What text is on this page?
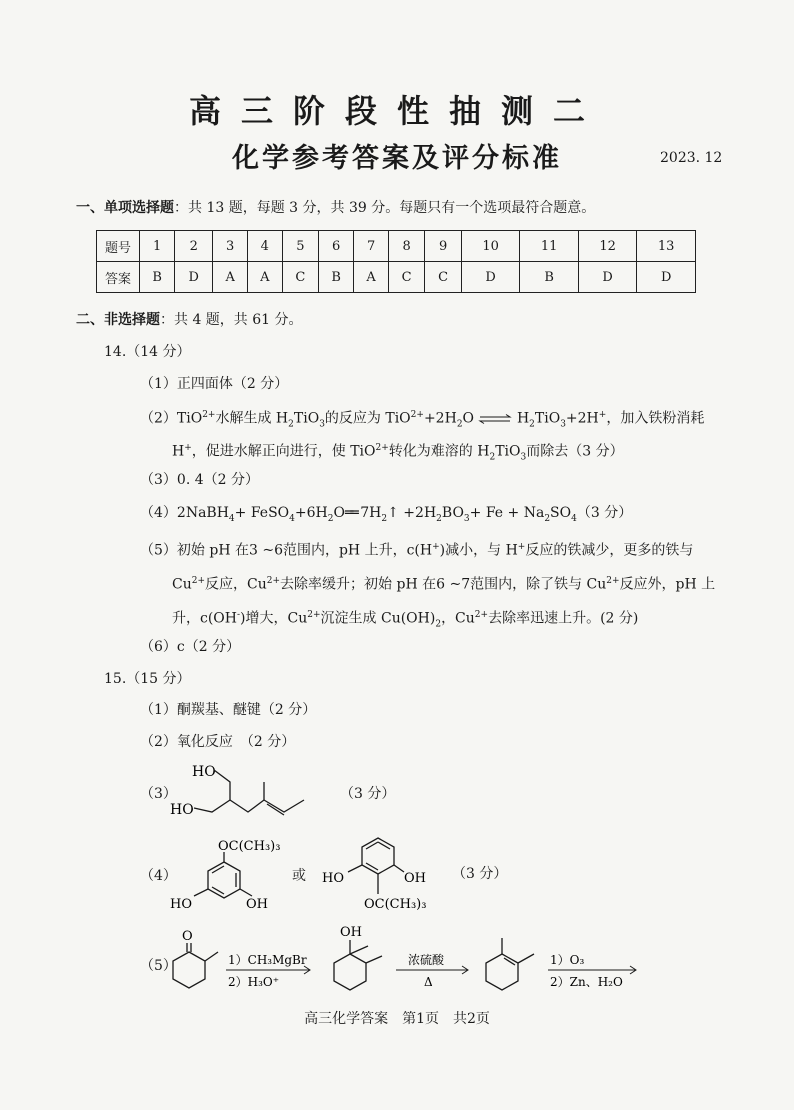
高三阶段性抽测二
化学参考答案及评分标准	2023. 12
一、单项选择题：共 13 题，每题 3 分，共 39 分。每题只有一个选项最符合题意。
题号	1	2	3	4	5	6	7	8	9	10	11	12	13
答案	B	D	A	A	C	B	A	C	C	D	B	D	D
二、非选择题：共 4 题，共 61 分。
14.（14 分）
（1）正四面体（2 分）
（2）TiO$^{2+}$水解生成 $H_2TiO_3$的反应为 $TiO^{2+}+2H_2O$ ⇌ $H_2TiO_3+2H^+$，加入铁粉消耗
H+，促进水解正向进行，使 TiO$^{2+}$转化为难溶的 $H_2TiO_3$而除去（3 分）
（3）0. 4（2 分）
（4）2NaBH$_4$+ $FeSO_4+6H_2O══$ $7H_2↑ +2H_2BO_3+ Fe + Na_2SO_4(3$ 分）
（5）初始 pH 在3 ~6范围内，pH 上升，c(H+)减小，与 H+反应的铁减少，更多的铁与
$Cu^{2+}$反应，$Cu^{2+}$去除率缓升；初始 pH 在6 ~7范围内，除了铁与 $Cu^{2+}$反应外，pH 上
升，c(OH-)增大，$Cu^{2+}$沉淀生成 $Cu(OH)_2$，$Cu^{2+}$去除率迅速上升。(2 分)
（6）c（2 分）
15.（15 分）
（1）酮羰基、醚键（2 分）
（2）氧化反应　（2 分）
（3）
HO
HO
（3 分）
（4）
OC(CH₃)₃
HO	OH
或 HO	OH
OC(CH₃)₃
（3 分）
（5）
O
1）CH₃MgBr
2）H₃O⁺
OH
浓硫酸
Δ
1）O₃
2）Zn、H₂O
高三化学答案　第1页　共2页
